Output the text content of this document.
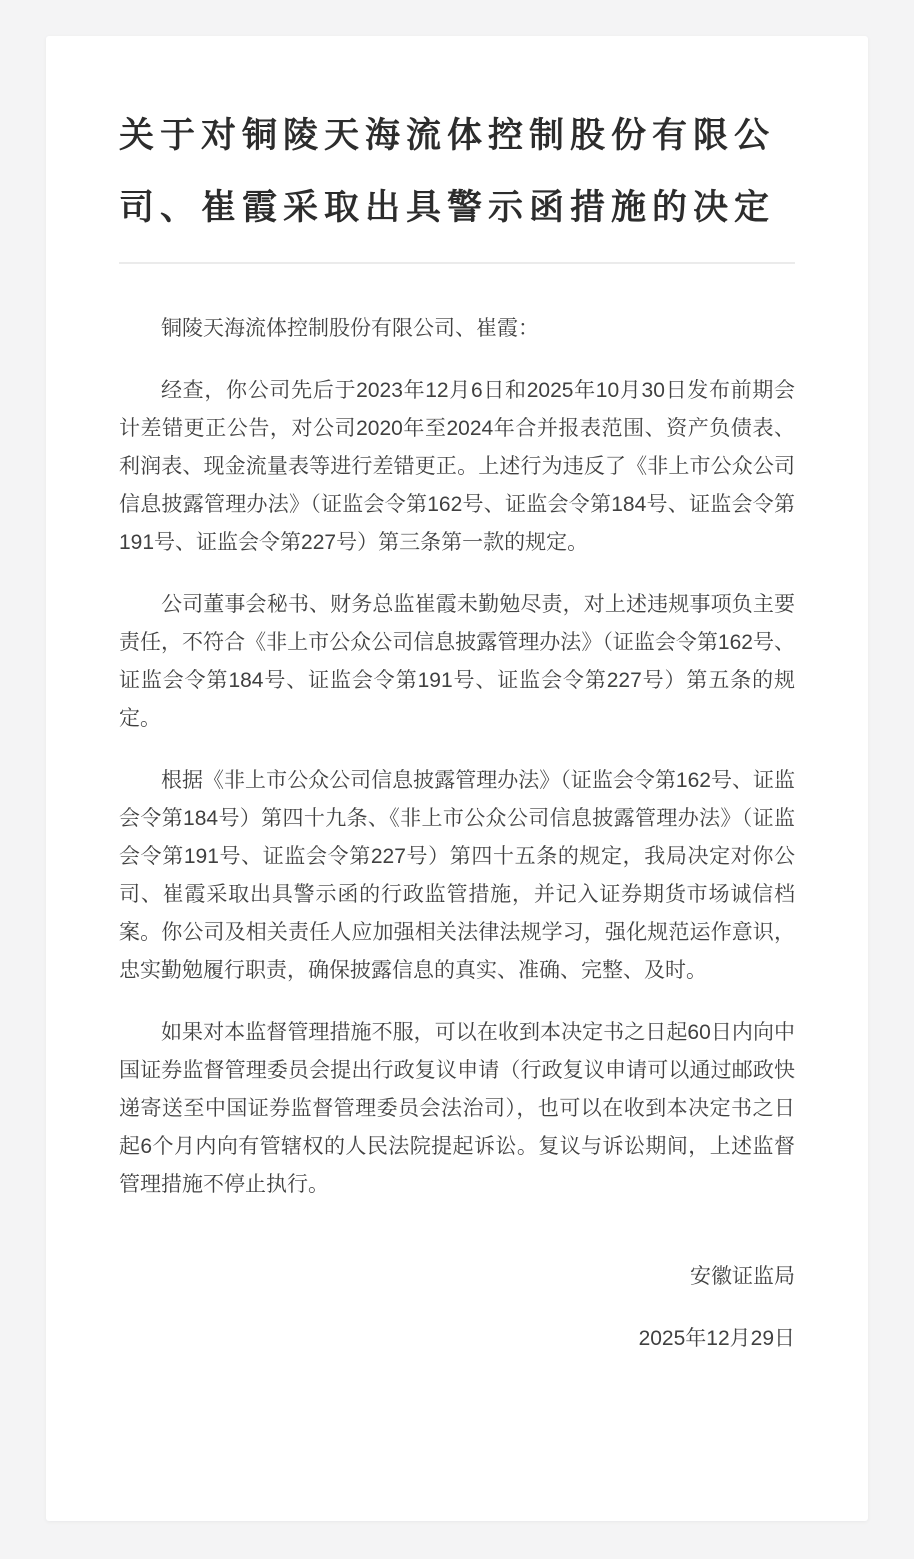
关于对铜陵天海流体控制股份有限公司、崔霞采取出具警示函措施的决定

铜陵天海流体控制股份有限公司、崔霞：

经查，你公司先后于2023年12月6日和2025年10月30日发布前期会计差错更正公告，对公司2020年至2024年合并报表范围、资产负债表、利润表、现金流量表等进行差错更正。上述行为违反了《非上市公众公司信息披露管理办法》（证监会令第162号、证监会令第184号、证监会令第191号、证监会令第227号）第三条第一款的规定。

公司董事会秘书、财务总监崔霞未勤勉尽责，对上述违规事项负主要责任，不符合《非上市公众公司信息披露管理办法》（证监会令第162号、证监会令第184号、证监会令第191号、证监会令第227号）第五条的规定。

根据《非上市公众公司信息披露管理办法》（证监会令第162号、证监会令第184号）第四十九条、《非上市公众公司信息披露管理办法》（证监会令第191号、证监会令第227号）第四十五条的规定，我局决定对你公司、崔霞采取出具警示函的行政监管措施，并记入证券期货市场诚信档案。你公司及相关责任人应加强相关法律法规学习，强化规范运作意识，忠实勤勉履行职责，确保披露信息的真实、准确、完整、及时。

如果对本监督管理措施不服，可以在收到本决定书之日起60日内向中国证券监督管理委员会提出行政复议申请（行政复议申请可以通过邮政快递寄送至中国证券监督管理委员会法治司），也可以在收到本决定书之日起6个月内向有管辖权的人民法院提起诉讼。复议与诉讼期间，上述监督管理措施不停止执行。

安徽证监局

2025年12月29日
